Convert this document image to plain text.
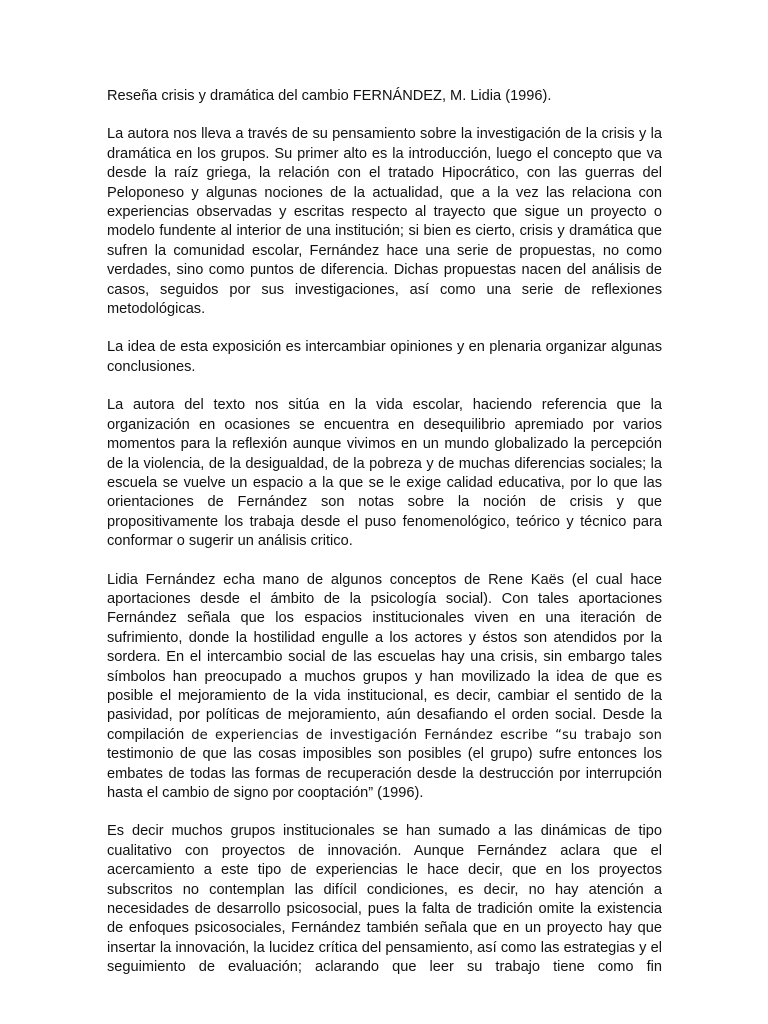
Reseña crisis y dramática del cambio FERNÁNDEZ, M. Lidia (1996).

La autora nos lleva a través de su pensamiento sobre la investigación de la crisis y la dramática en los grupos. Su primer alto es la introducción, luego el concepto que va desde la raíz griega, la relación con el tratado Hipocrático, con las guerras del Peloponeso y algunas nociones de la actualidad, que a la vez las relaciona con experiencias observadas y escritas respecto al trayecto que sigue un proyecto o modelo fundente al interior de una institución; si bien es cierto, crisis y dramática que sufren la comunidad escolar, Fernández hace una serie de propuestas, no como verdades, sino como puntos de diferencia. Dichas propuestas nacen del análisis de casos, seguidos por sus investigaciones, así como una serie de reflexiones metodológicas.

La idea de esta exposición es intercambiar opiniones y en plenaria organizar algunas conclusiones.

La autora del texto nos sitúa en la vida escolar, haciendo referencia que la organización en ocasiones se encuentra en desequilibrio apremiado por varios momentos para la reflexión aunque vivimos en un mundo globalizado la percepción de la violencia, de la desigualdad, de la pobreza y de muchas diferencias sociales; la escuela se vuelve un espacio a la que se le exige calidad educativa, por lo que las orientaciones de Fernández son notas sobre la noción de crisis y que propositivamente los trabaja desde el puso fenomenológico, teórico y técnico para conformar o sugerir un análisis critico.

Lidia Fernández echa mano de algunos conceptos de Rene Kaës (el cual hace aportaciones desde el ámbito de la psicología social). Con tales aportaciones Fernández señala que los espacios institucionales viven en una iteración de sufrimiento, donde la hostilidad engulle a los actores y éstos son atendidos por la sordera. En el intercambio social de las escuelas hay una crisis, sin embargo tales símbolos han preocupado a muchos grupos y han movilizado la idea de que es posible el mejoramiento de la vida institucional, es decir, cambiar el sentido de la pasividad, por políticas de mejoramiento, aún desafiando el orden social. Desde la compilación de experiencias de investigación Fernández escribe “su trabajo son testimonio de que las cosas imposibles son posibles (el grupo) sufre entonces los embates de todas las formas de recuperación desde la destrucción por interrupción hasta el cambio de signo por cooptación” (1996).

Es decir muchos grupos institucionales se han sumado a las dinámicas de tipo cualitativo con proyectos de innovación. Aunque Fernández aclara que el acercamiento a este tipo de experiencias le hace decir, que en los proyectos subscritos no contemplan las difícil condiciones, es decir, no hay atención a necesidades de desarrollo psicosocial, pues la falta de tradición omite la existencia de enfoques psicosociales, Fernández también señala que en un proyecto hay que insertar la innovación, la lucidez crítica del pensamiento, así como las estrategias y el seguimiento de evaluación; aclarando que leer su trabajo tiene como fin
